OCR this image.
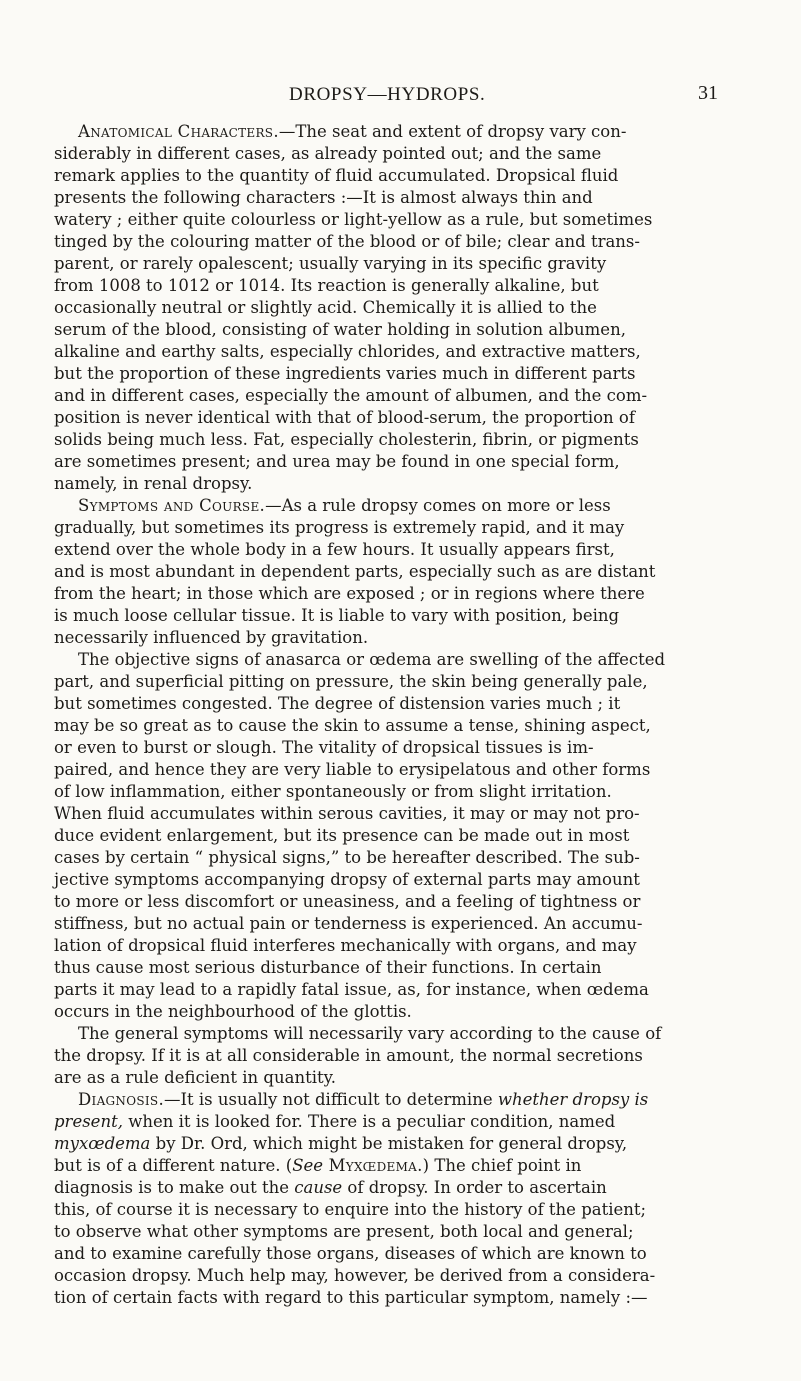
DROPSY—HYDROPS.	31
Anatomical Characters.—The seat and extent of dropsy vary con-
siderably in different cases, as already pointed out; and the same
remark applies to the quantity of fluid accumulated. Dropsical fluid
presents the following characters :—It is almost always thin and
watery ; either quite colourless or light-yellow as a rule, but sometimes
tinged by the colouring matter of the blood or of bile; clear and trans-
parent, or rarely opalescent; usually varying in its specific gravity
from 1008 to 1012 or 1014. Its reaction is generally alkaline, but
occasionally neutral or slightly acid. Chemically it is allied to the
serum of the blood, consisting of water holding in solution albumen,
alkaline and earthy salts, especially chlorides, and extractive matters,
but the proportion of these ingredients varies much in different parts
and in different cases, especially the amount of albumen, and the com-
position is never identical with that of blood-serum, the proportion of
solids being much less. Fat, especially cholesterin, fibrin, or pigments
are sometimes present; and urea may be found in one special form,
namely, in renal dropsy.
Symptoms and Course.—As a rule dropsy comes on more or less
gradually, but sometimes its progress is extremely rapid, and it may
extend over the whole body in a few hours. It usually appears first,
and is most abundant in dependent parts, especially such as are distant
from the heart; in those which are exposed ; or in regions where there
is much loose cellular tissue. It is liable to vary with position, being
necessarily influenced by gravitation.
The objective signs of anasarca or œdema are swelling of the affected
part, and superficial pitting on pressure, the skin being generally pale,
but sometimes congested. The degree of distension varies much ; it
may be so great as to cause the skin to assume a tense, shining aspect,
or even to burst or slough. The vitality of dropsical tissues is im-
paired, and hence they are very liable to erysipelatous and other forms
of low inflammation, either spontaneously or from slight irritation.
When fluid accumulates within serous cavities, it may or may not pro-
duce evident enlargement, but its presence can be made out in most
cases by certain “ physical signs,” to be hereafter described. The sub-
jective symptoms accompanying dropsy of external parts may amount
to more or less discomfort or uneasiness, and a feeling of tightness or
stiffness, but no actual pain or tenderness is experienced. An accumu-
lation of dropsical fluid interferes mechanically with organs, and may
thus cause most serious disturbance of their functions. In certain
parts it may lead to a rapidly fatal issue, as, for instance, when œdema
occurs in the neighbourhood of the glottis.
The general symptoms will necessarily vary according to the cause of
the dropsy. If it is at all considerable in amount, the normal secretions
are as a rule deficient in quantity.
Diagnosis.—It is usually not difficult to determine whether dropsy is
present, when it is looked for. There is a peculiar condition, named
myxœdema by Dr. Ord, which might be mistaken for general dropsy,
but is of a different nature. (See Myxœdema.) The chief point in
diagnosis is to make out the cause of dropsy. In order to ascertain
this, of course it is necessary to enquire into the history of the patient;
to observe what other symptoms are present, both local and general;
and to examine carefully those organs, diseases of which are known to
occasion dropsy. Much help may, however, be derived from a considera-
tion of certain facts with regard to this particular symptom, namely :—
